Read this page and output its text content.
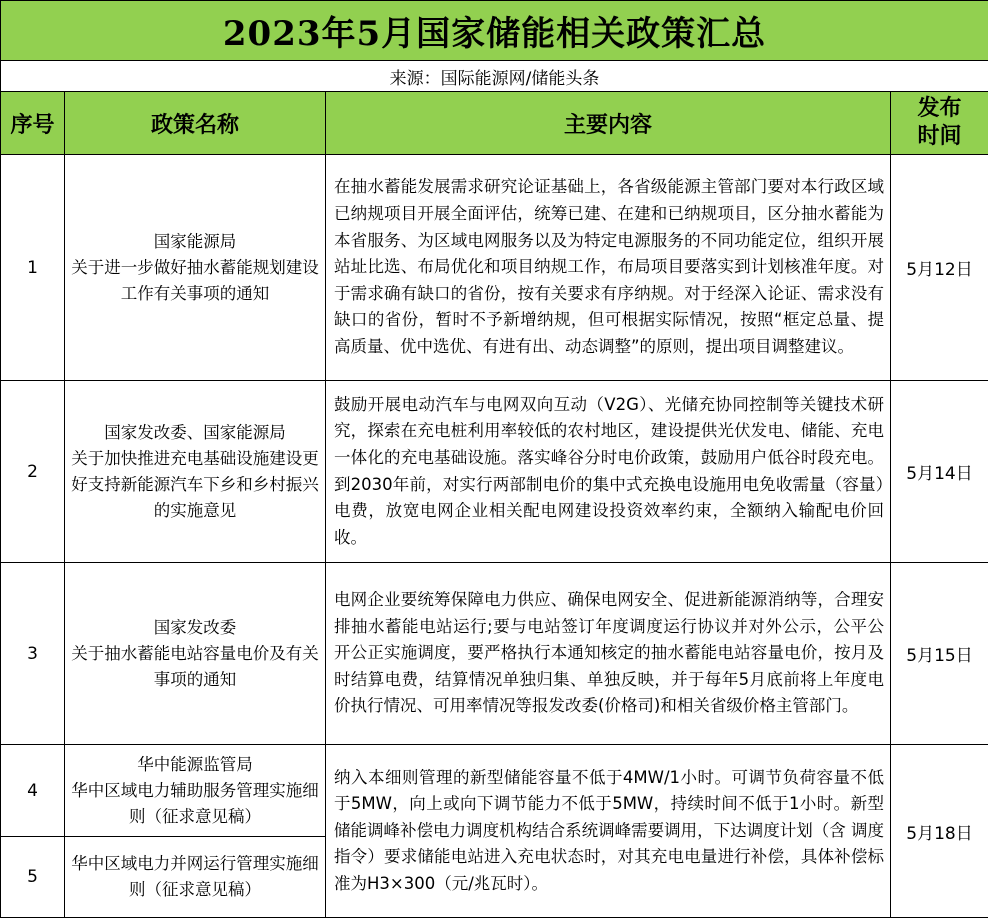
2023年5月国家储能相关政策汇总			
来源：国际能源网/储能头条			
序号	政策名称	主要内容	发布
时间

1	国家能源局
关于进一步做好抽水蓄能规划建设工作有关事项的通知	在抽水蓄能发展需求研究论证基础上，各省级能源主管部门要对本行政区域已纳规项目开展全面评估，统筹已建、在建和已纳规项目，区分抽水蓄能为本省服务、为区域电网服务以及为特定电源服务的不同功能定位，组织开展站址比选、布局优化和项目纳规工作，布局项目要落实到计划核准年度。对于需求确有缺口的省份，按有关要求有序纳规。对于经深入论证、需求没有缺口的省份，暂时不予新增纳规，但可根据实际情况，按照“框定总量、提高质量、优中选优、有进有出、动态调整”的原则，提出项目调整建议。	5月12日
2	国家发改委、国家能源局
关于加快推进充电基础设施建设更好支持新能源汽车下乡和乡村振兴的实施意见	鼓励开展电动汽车与电网双向互动（V2G）、光储充协同控制等关键技术研究，探索在充电桩利用率较低的农村地区，建设提供光伏发电、储能、充电一体化的充电基础设施。落实峰谷分时电价政策，鼓励用户低谷时段充电。到2030年前，对实行两部制电价的集中式充换电设施用电免收需量（容量）电费，放宽电网企业相关配电网建设投资效率约束，全额纳入输配电价回收。	5月14日
3	国家发改委
关于抽水蓄能电站容量电价及有关事项的通知	电网企业要统筹保障电力供应、确保电网安全、促进新能源消纳等，合理安排抽水蓄能电站运行;要与电站签订年度调度运行协议并对外公示，公平公开公正实施调度，要严格执行本通知核定的抽水蓄能电站容量电价，按月及时结算电费，结算情况单独归集、单独反映，并于每年5月底前将上年度电价执行情况、可用率情况等报发改委(价格司)和相关省级价格主管部门。	5月15日
4	华中能源监管局
华中区域电力辅助服务管理实施细则（征求意见稿）	纳入本细则管理的新型储能容量不低于4MW/1小时。可调节负荷容量不低于5MW，向上或向下调节能力不低于5MW，持续时间不低于1小时。新型储能调峰补偿电力调度机构结合系统调峰需要调用，下达调度计划（含 调度指令）要求储能电站进入充电状态时，对其充电电量进行补偿，具体补偿标准为H3×300（元/兆瓦时）。	5月18日
5	华中区域电力并网运行管理实施细则（征求意见稿）		
